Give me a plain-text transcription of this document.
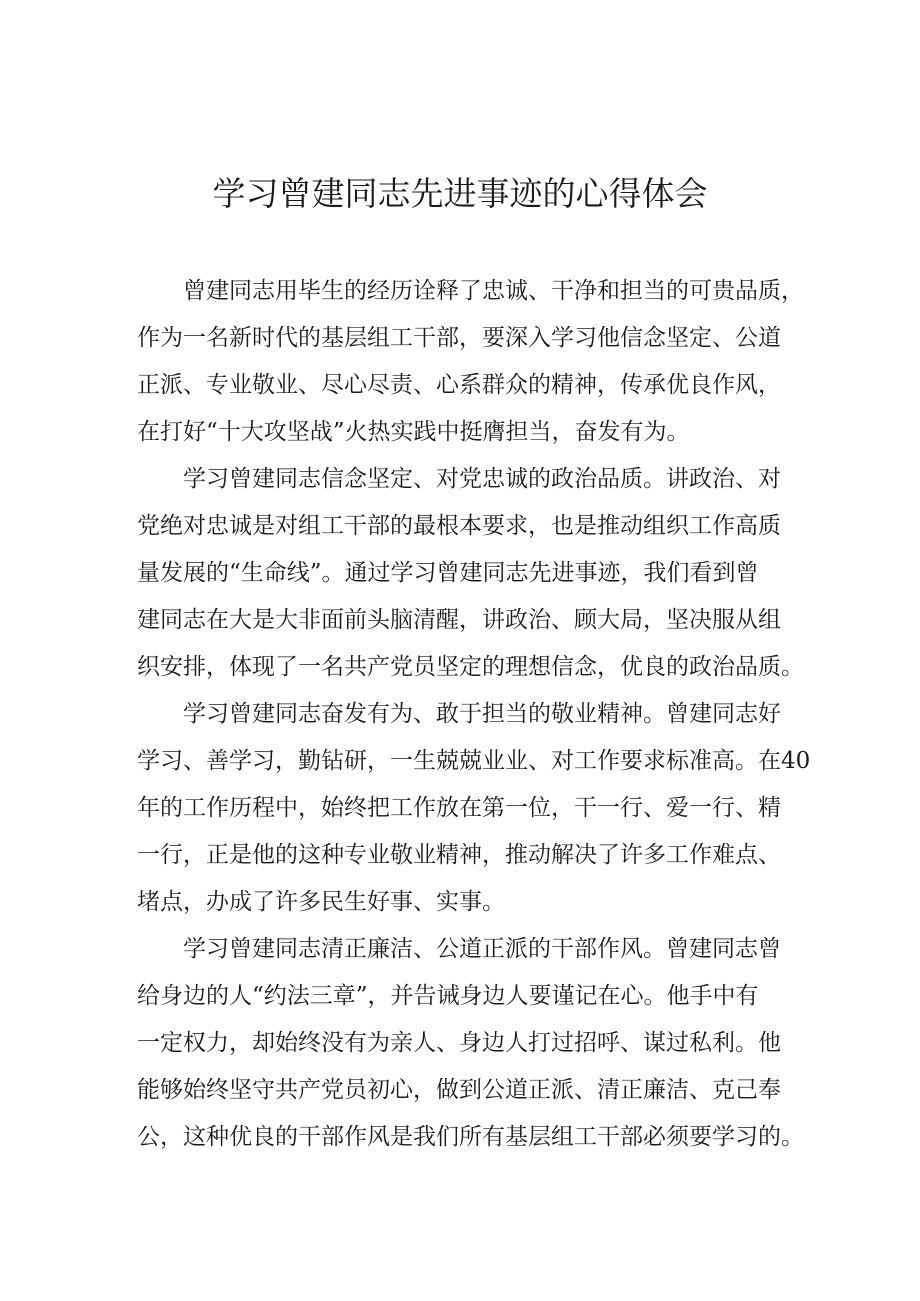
学习曾建同志先进事迹的心得体会
曾建同志用毕生的经历诠释了忠诚、干净和担当的可贵品质，
作为一名新时代的基层组工干部，要深入学习他信念坚定、公道
正派、专业敬业、尽心尽责、心系群众的精神，传承优良作风，
在打好“十大攻坚战”火热实践中挺膺担当，奋发有为。
学习曾建同志信念坚定、对党忠诚的政治品质。讲政治、对
党绝对忠诚是对组工干部的最根本要求，也是推动组织工作高质
量发展的“生命线”。通过学习曾建同志先进事迹，我们看到曾
建同志在大是大非面前头脑清醒，讲政治、顾大局，坚决服从组
织安排，体现了一名共产党员坚定的理想信念，优良的政治品质。
学习曾建同志奋发有为、敢于担当的敬业精神。曾建同志好
学习、善学习，勤钻研，一生兢兢业业、对工作要求标准高。在40
年的工作历程中，始终把工作放在第一位，干一行、爱一行、精
一行，正是他的这种专业敬业精神，推动解决了许多工作难点、
堵点，办成了许多民生好事、实事。
学习曾建同志清正廉洁、公道正派的干部作风。曾建同志曾
给身边的人“约法三章”，并告诫身边人要谨记在心。他手中有
一定权力，却始终没有为亲人、身边人打过招呼、谋过私利。他
能够始终坚守共产党员初心，做到公道正派、清正廉洁、克己奉
公，这种优良的干部作风是我们所有基层组工干部必须要学习的。
